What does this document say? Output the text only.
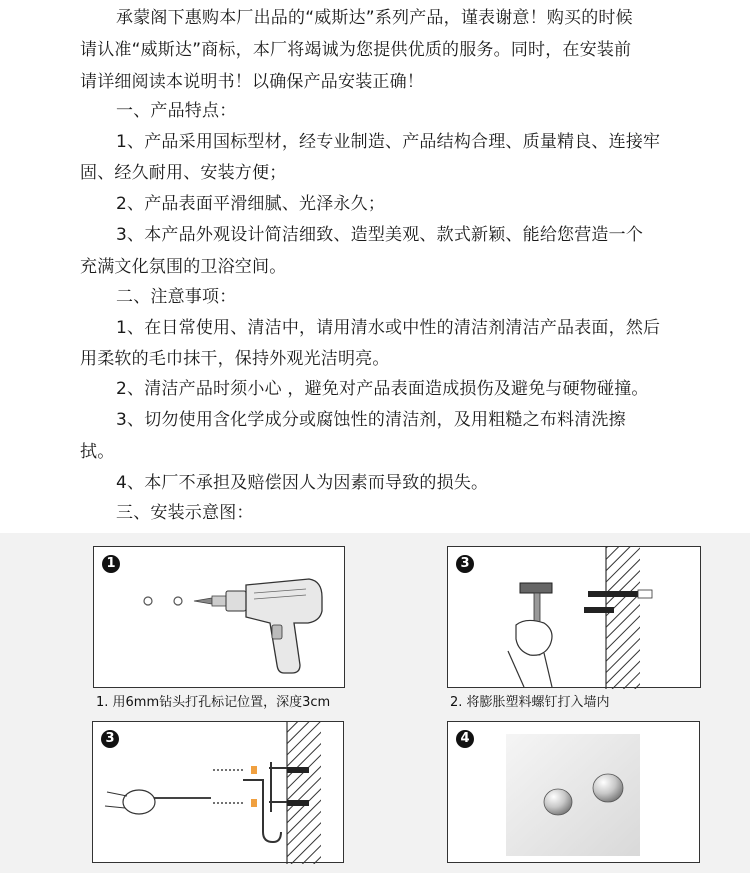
承蒙阁下惠购本厂出品的“威斯达”系列产品，谨表谢意！购买的时候
请认准“威斯达”商标，本厂将竭诚为您提供优质的服务。同时，在安装前
请详细阅读本说明书！以确保产品安装正确！
一、产品特点：
1、产品采用国标型材，经专业制造、产品结构合理、质量精良、连接牢
固、经久耐用、安装方便；
2、产品表面平滑细腻、光泽永久；
3、本产品外观设计简洁细致、造型美观、款式新颖、能给您营造一个
充满文化氛围的卫浴空间。
二、注意事项：
1、在日常使用、清洁中，请用清水或中性的清洁剂清洁产品表面，然后
用柔软的毛巾抹干，保持外观光洁明亮。
2、清洁产品时须小心 ，避免对产品表面造成损伤及避免与硬物碰撞。
3、切勿使用含化学成分或腐蚀性的清洁剂，及用粗糙之布料清洗擦
拭。
4、本厂不承担及赔偿因人为因素而导致的损失。
三、安装示意图：
1
1. 用6mm钻头打孔标记位置，深度3cm
3
2. 将膨胀塑料螺钉打入墙内
3	4
